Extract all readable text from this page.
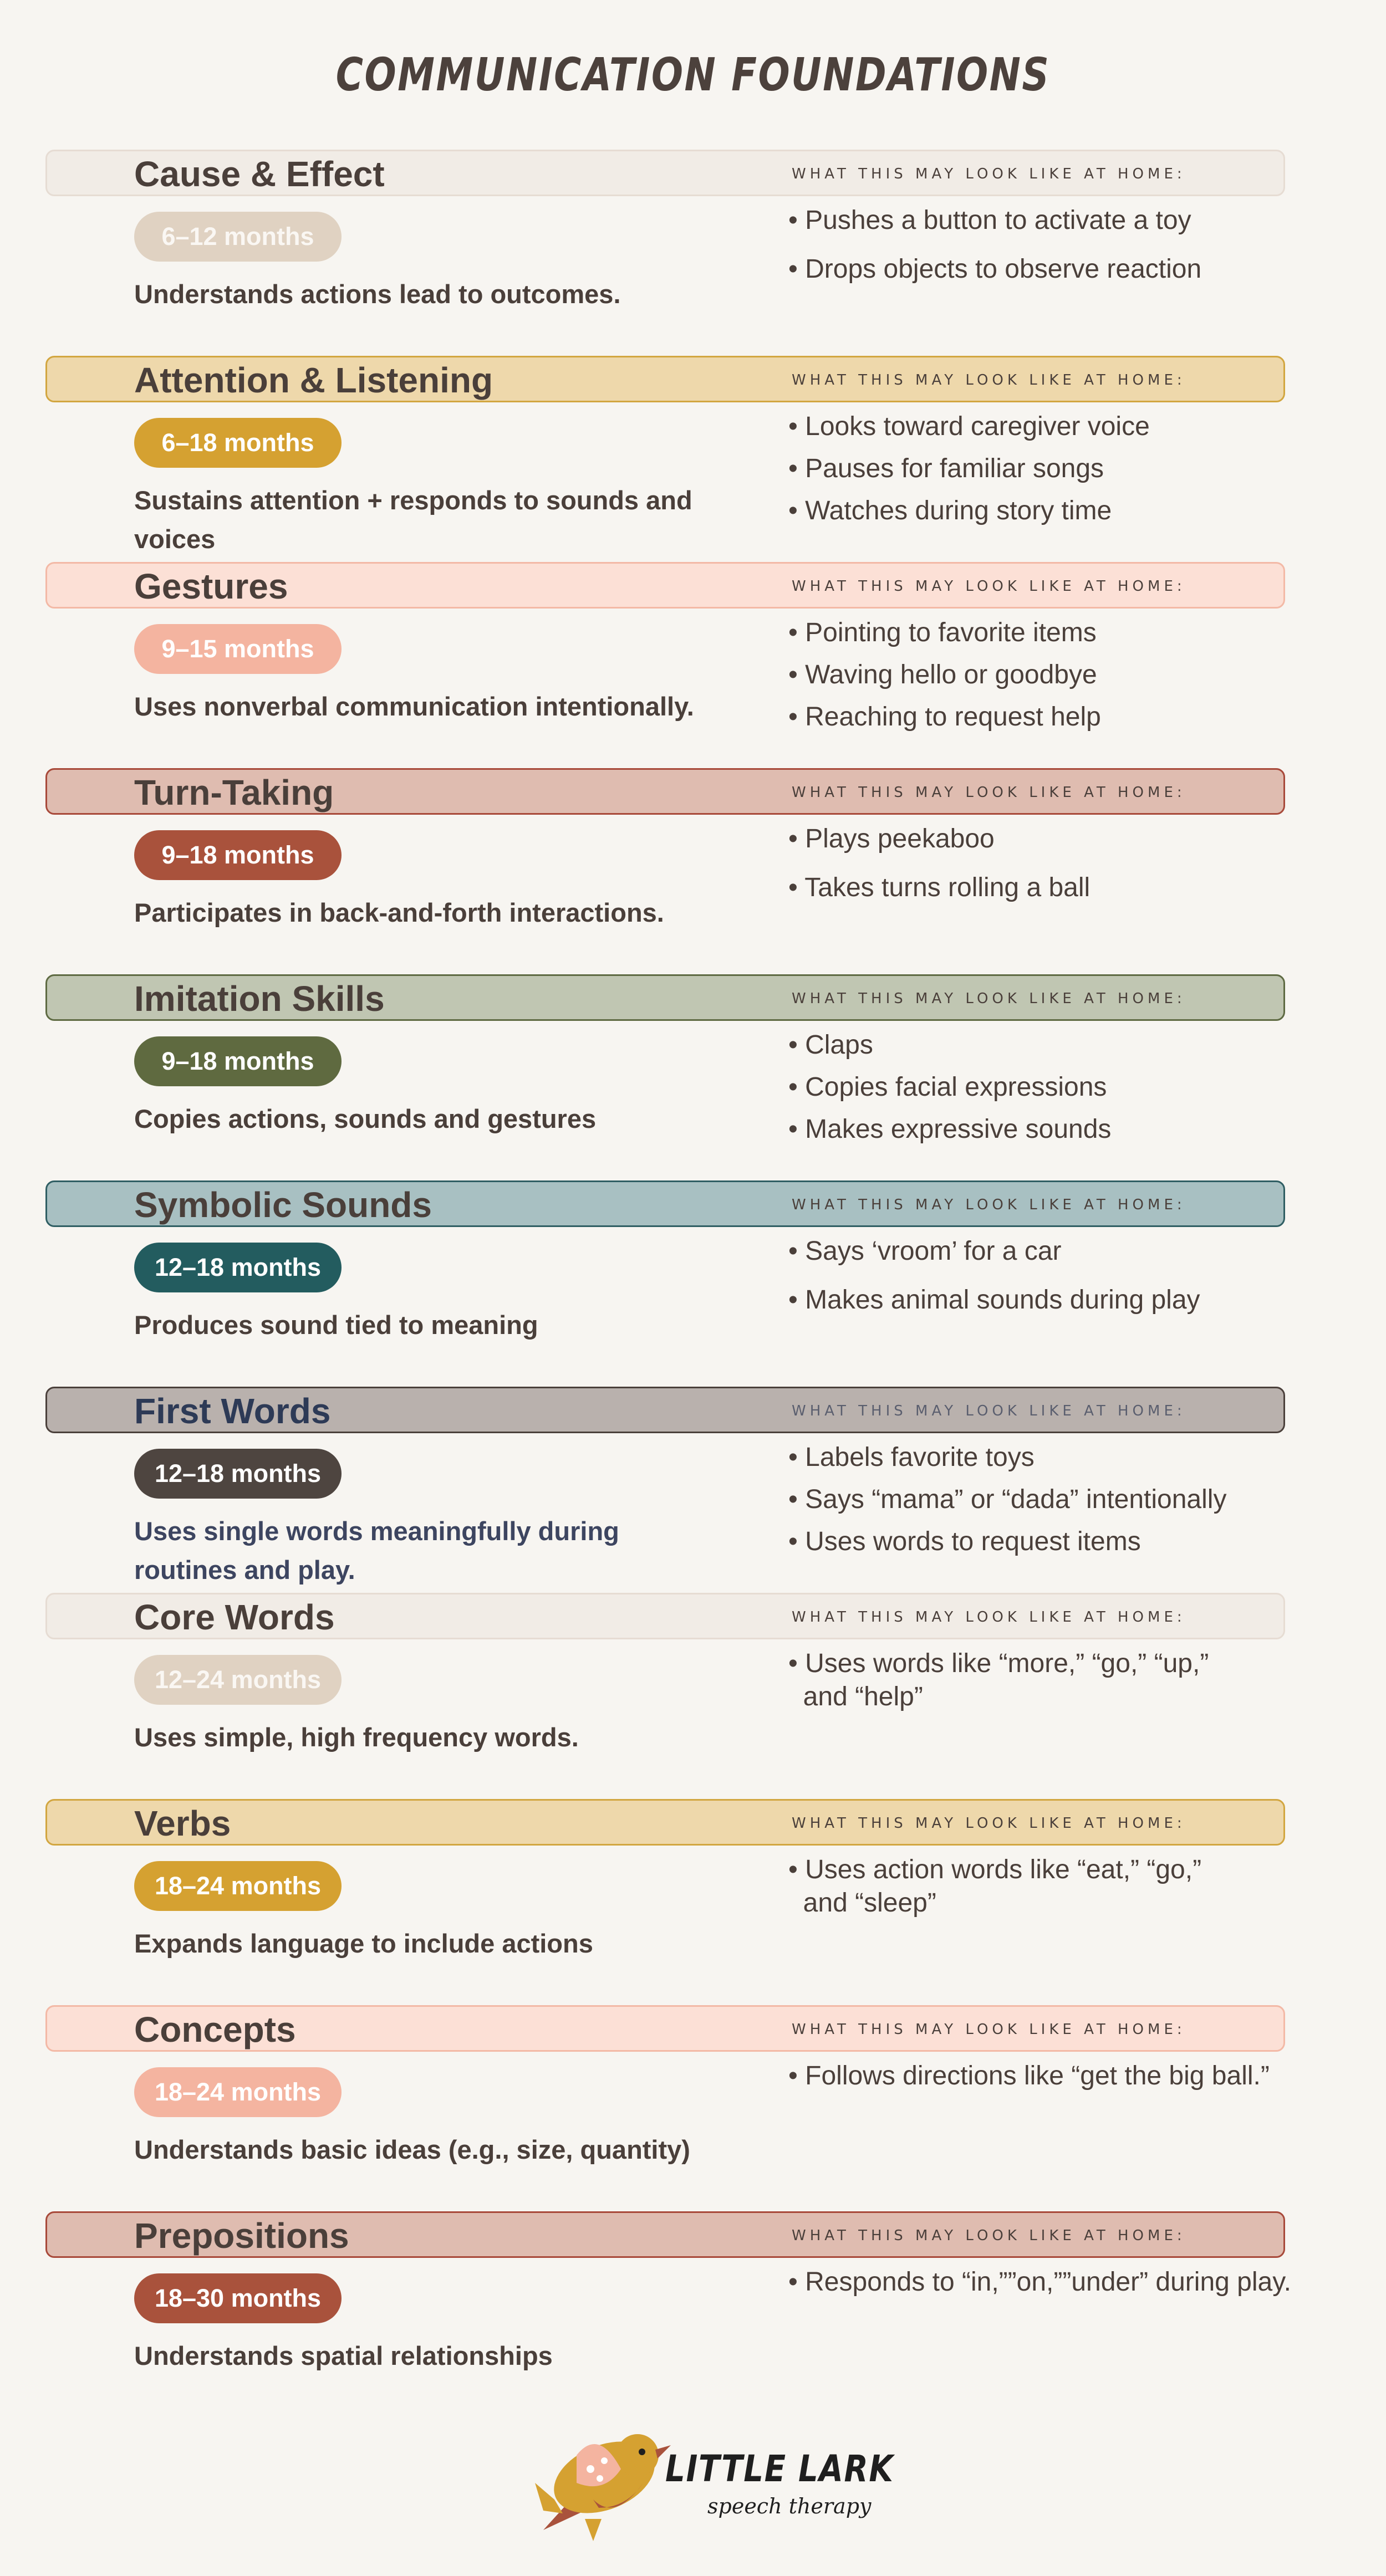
COMMUNICATION FOUNDATIONS
Cause & Effect	WHAT THIS MAY LOOK LIKE AT HOME:
6–12 months
Understands actions lead to outcomes.
• Pushes a button to activate a toy
• Drops objects to observe reaction
Attention & Listening	WHAT THIS MAY LOOK LIKE AT HOME:
6–18 months
Sustains attention + responds to sounds and voices
• Looks toward caregiver voice
• Pauses for familiar songs
• Watches during story time
Gestures	WHAT THIS MAY LOOK LIKE AT HOME:
9–15 months
Uses nonverbal communication intentionally.
• Pointing to favorite items
• Waving hello or goodbye
• Reaching to request help
Turn-Taking	WHAT THIS MAY LOOK LIKE AT HOME:
9–18 months
Participates in back-and-forth interactions.
• Plays peekaboo
• Takes turns rolling a ball
Imitation Skills	WHAT THIS MAY LOOK LIKE AT HOME:
9–18 months
Copies actions, sounds and gestures
• Claps
• Copies facial expressions
• Makes expressive sounds
Symbolic Sounds	WHAT THIS MAY LOOK LIKE AT HOME:
12–18 months
Produces sound tied to meaning
• Says ‘vroom’ for a car
• Makes animal sounds during play
First Words	WHAT THIS MAY LOOK LIKE AT HOME:
12–18 months
Uses single words meaningfully during routines and play.
• Labels favorite toys
• Says “mama” or “dada” intentionally
• Uses words to request items
Core Words	WHAT THIS MAY LOOK LIKE AT HOME:
12–24 months
Uses simple, high frequency words.
• Uses words like “more,” “go,” “up,”
and “help”
Verbs	WHAT THIS MAY LOOK LIKE AT HOME:
18–24 months
Expands language to include actions
• Uses action words like “eat,” “go,”
and “sleep”
Concepts	WHAT THIS MAY LOOK LIKE AT HOME:
18–24 months
Understands basic ideas (e.g., size, quantity)
• Follows directions like “get the big ball.”
Prepositions	WHAT THIS MAY LOOK LIKE AT HOME:
18–30 months
Understands spatial relationships
• Responds to “in,””on,””under” during play.
LITTLE LARK
speech therapy
